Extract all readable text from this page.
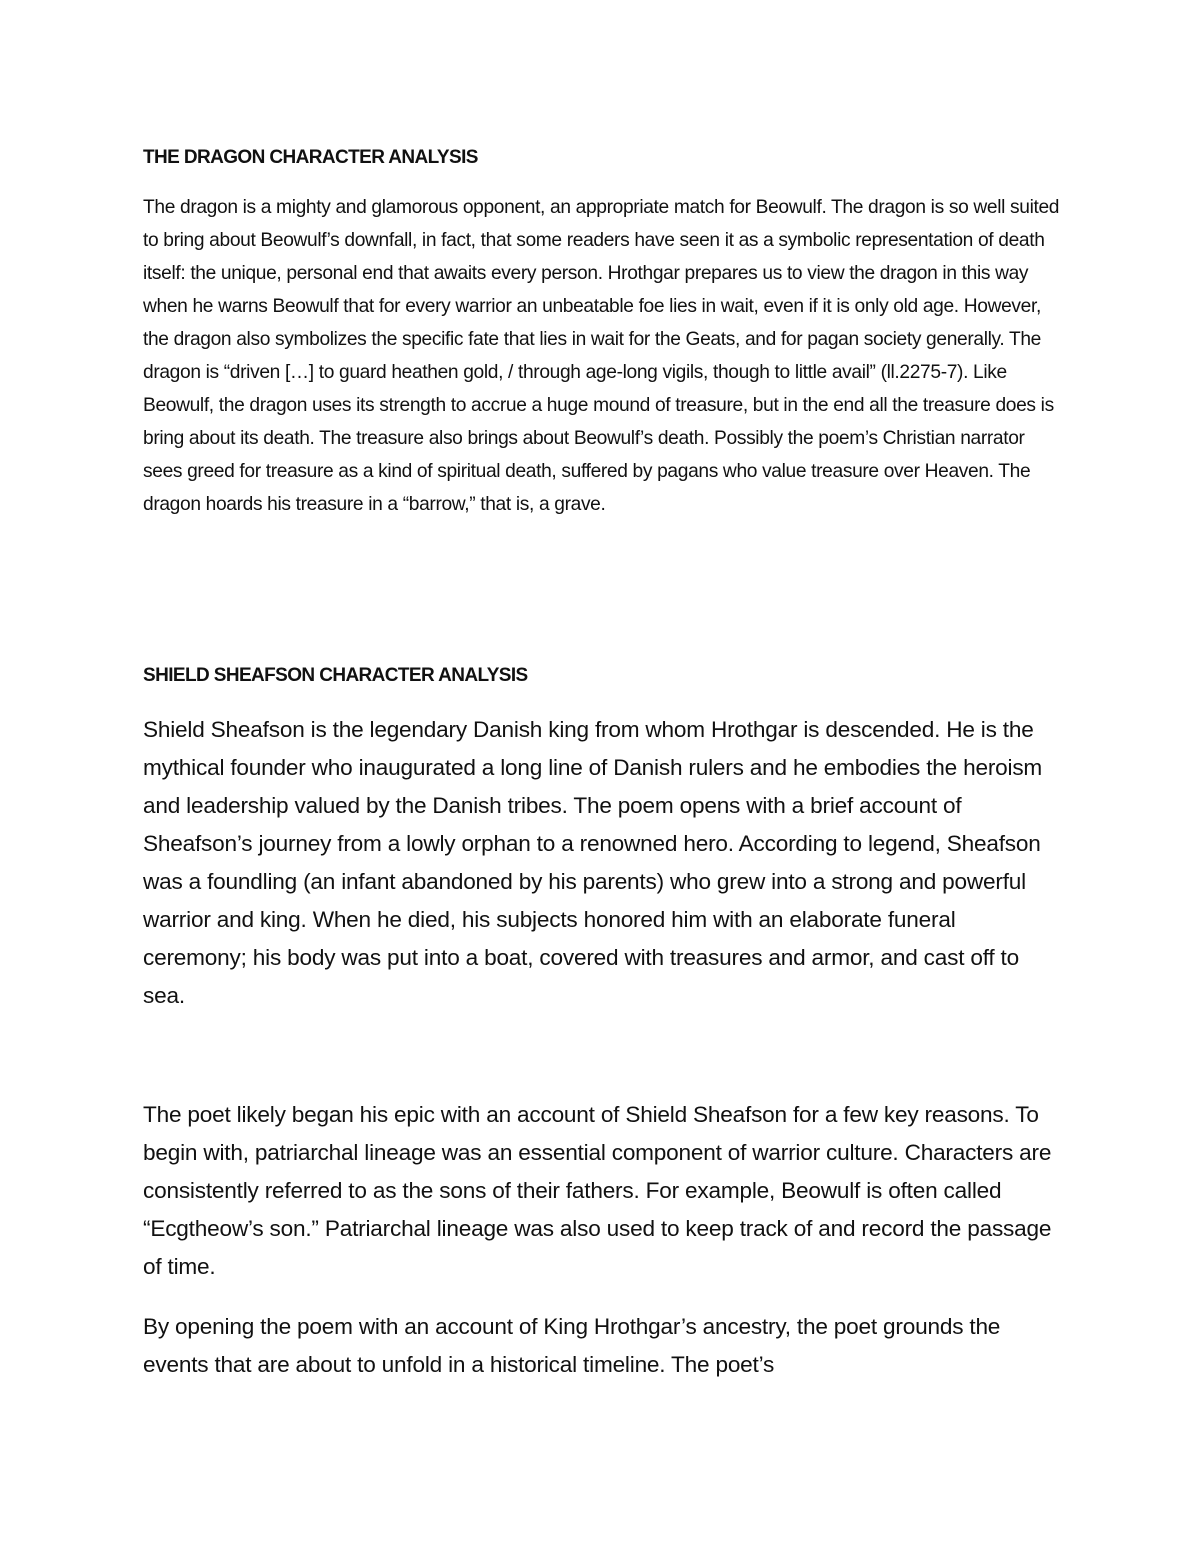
THE DRAGON CHARACTER ANALYSIS

The dragon is a mighty and glamorous opponent, an appropriate match for Beowulf. The dragon is so well suited to bring about Beowulf’s downfall, in fact, that some readers have seen it as a symbolic representation of death itself: the unique, personal end that awaits every person. Hrothgar prepares us to view the dragon in this way when he warns Beowulf that for every warrior an unbeatable foe lies in wait, even if it is only old age. However, the dragon also symbolizes the specific fate that lies in wait for the Geats, and for pagan society generally. The dragon is “driven […] to guard heathen gold, / through age-long vigils, though to little avail” (ll.2275-7). Like Beowulf, the dragon uses its strength to accrue a huge mound of treasure, but in the end all the treasure does is bring about its death. The treasure also brings about Beowulf’s death. Possibly the poem’s Christian narrator sees greed for treasure as a kind of spiritual death, suffered by pagans who value treasure over Heaven. The dragon hoards his treasure in a “barrow,” that is, a grave.

SHIELD SHEAFSON CHARACTER ANALYSIS

Shield Sheafson is the legendary Danish king from whom Hrothgar is descended. He is the mythical founder who inaugurated a long line of Danish rulers and he embodies the heroism and leadership valued by the Danish tribes. The poem opens with a brief account of Sheafson’s journey from a lowly orphan to a renowned hero. According to legend, Sheafson was a foundling (an infant abandoned by his parents) who grew into a strong and powerful warrior and king. When he died, his subjects honored him with an elaborate funeral ceremony; his body was put into a boat, covered with treasures and armor, and cast off to sea.

The poet likely began his epic with an account of Shield Sheafson for a few key reasons. To begin with, patriarchal lineage was an essential component of warrior culture. Characters are consistently referred to as the sons of their fathers. For example, Beowulf is often called “Ecgtheow’s son.” Patriarchal lineage was also used to keep track of and record the passage of time.

By opening the poem with an account of King Hrothgar’s ancestry, the poet grounds the events that are about to unfold in a historical timeline. The poet’s
